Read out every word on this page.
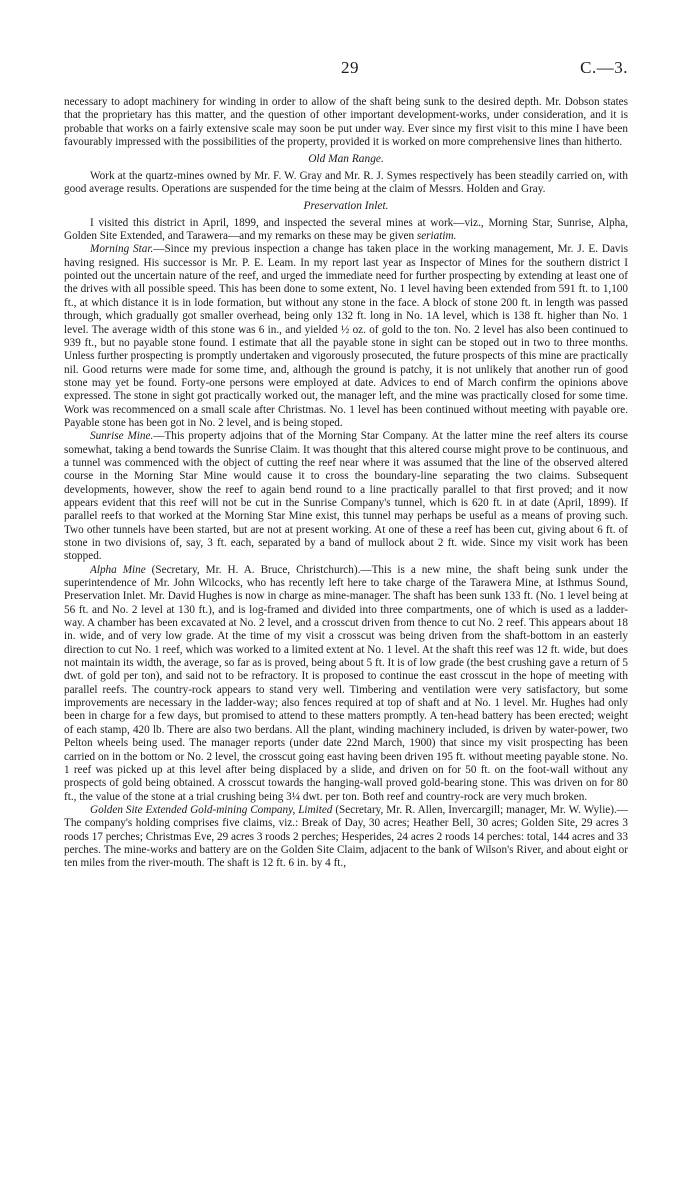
29	C.—3.

necessary to adopt machinery for winding in order to allow of the shaft being sunk to the desired depth. Mr. Dobson states that the proprietary has this matter, and the question of other important development-works, under consideration, and it is probable that works on a fairly extensive scale may soon be put under way. Ever since my first visit to this mine I have been favourably impressed with the possibilities of the property, provided it is worked on more comprehensive lines than hitherto.

Old Man Range.

Work at the quartz-mines owned by Mr. F. W. Gray and Mr. R. J. Symes respectively has been steadily carried on, with good average results. Operations are suspended for the time being at the claim of Messrs. Holden and Gray.

Preservation Inlet.

I visited this district in April, 1899, and inspected the several mines at work—viz., Morning Star, Sunrise, Alpha, Golden Site Extended, and Tarawera—and my remarks on these may be given seriatim.

Morning Star.—Since my previous inspection a change has taken place in the working management, Mr. J. E. Davis having resigned. His successor is Mr. P. E. Leam. In my report last year as Inspector of Mines for the southern district I pointed out the uncertain nature of the reef, and urged the immediate need for further prospecting by extending at least one of the drives with all possible speed. This has been done to some extent, No. 1 level having been extended from 591 ft. to 1,100 ft., at which distance it is in lode formation, but without any stone in the face. A block of stone 200 ft. in length was passed through, which gradually got smaller overhead, being only 132 ft. long in No. 1A level, which is 138 ft. higher than No. 1 level. The average width of this stone was 6 in., and yielded ½ oz. of gold to the ton. No. 2 level has also been continued to 939 ft., but no payable stone found. I estimate that all the payable stone in sight can be stoped out in two to three months. Unless further prospecting is promptly undertaken and vigorously prosecuted, the future prospects of this mine are practically nil. Good returns were made for some time, and, although the ground is patchy, it is not unlikely that another run of good stone may yet be found. Forty-one persons were employed at date. Advices to end of March confirm the opinions above expressed. The stone in sight got practically worked out, the manager left, and the mine was practically closed for some time. Work was recommenced on a small scale after Christmas. No. 1 level has been continued without meeting with payable ore. Payable stone has been got in No. 2 level, and is being stoped.

Sunrise Mine.—This property adjoins that of the Morning Star Company. At the latter mine the reef alters its course somewhat, taking a bend towards the Sunrise Claim. It was thought that this altered course might prove to be continuous, and a tunnel was commenced with the object of cutting the reef near where it was assumed that the line of the observed altered course in the Morning Star Mine would cause it to cross the boundary-line separating the two claims. Subsequent developments, however, show the reef to again bend round to a line practically parallel to that first proved; and it now appears evident that this reef will not be cut in the Sunrise Company's tunnel, which is 620 ft. in at date (April, 1899). If parallel reefs to that worked at the Morning Star Mine exist, this tunnel may perhaps be useful as a means of proving such. Two other tunnels have been started, but are not at present working. At one of these a reef has been cut, giving about 6 ft. of stone in two divisions of, say, 3 ft. each, separated by a band of mullock about 2 ft. wide. Since my visit work has been stopped.

Alpha Mine (Secretary, Mr. H. A. Bruce, Christchurch).—This is a new mine, the shaft being sunk under the superintendence of Mr. John Wilcocks, who has recently left here to take charge of the Tarawera Mine, at Isthmus Sound, Preservation Inlet. Mr. David Hughes is now in charge as mine-manager. The shaft has been sunk 133 ft. (No. 1 level being at 56 ft. and No. 2 level at 130 ft.), and is log-framed and divided into three compartments, one of which is used as a ladder-way. A chamber has been excavated at No. 2 level, and a crosscut driven from thence to cut No. 2 reef. This appears about 18 in. wide, and of very low grade. At the time of my visit a crosscut was being driven from the shaft-bottom in an easterly direction to cut No. 1 reef, which was worked to a limited extent at No. 1 level. At the shaft this reef was 12 ft. wide, but does not maintain its width, the average, so far as is proved, being about 5 ft. It is of low grade (the best crushing gave a return of 5 dwt. of gold per ton), and said not to be refractory. It is proposed to continue the east crosscut in the hope of meeting with parallel reefs. The country-rock appears to stand very well. Timbering and ventilation were very satisfactory, but some improvements are necessary in the ladder-way; also fences required at top of shaft and at No. 1 level. Mr. Hughes had only been in charge for a few days, but promised to attend to these matters promptly. A ten-head battery has been erected; weight of each stamp, 420 lb. There are also two berdans. All the plant, winding machinery included, is driven by water-power, two Pelton wheels being used. The manager reports (under date 22nd March, 1900) that since my visit prospecting has been carried on in the bottom or No. 2 level, the crosscut going east having been driven 195 ft. without meeting payable stone. No. 1 reef was picked up at this level after being displaced by a slide, and driven on for 50 ft. on the foot-wall without any prospects of gold being obtained. A crosscut towards the hanging-wall proved gold-bearing stone. This was driven on for 80 ft., the value of the stone at a trial crushing being 3¼ dwt. per ton. Both reef and country-rock are very much broken.

Golden Site Extended Gold-mining Company, Limited (Secretary, Mr. R. Allen, Invercargill; manager, Mr. W. Wylie).—The company's holding comprises five claims, viz.: Break of Day, 30 acres; Heather Bell, 30 acres; Golden Site, 29 acres 3 roods 17 perches; Christmas Eve, 29 acres 3 roods 2 perches; Hesperides, 24 acres 2 roods 14 perches: total, 144 acres and 33 perches. The mine-works and battery are on the Golden Site Claim, adjacent to the bank of Wilson's River, and about eight or ten miles from the river-mouth. The shaft is 12 ft. 6 in. by 4 ft.,
